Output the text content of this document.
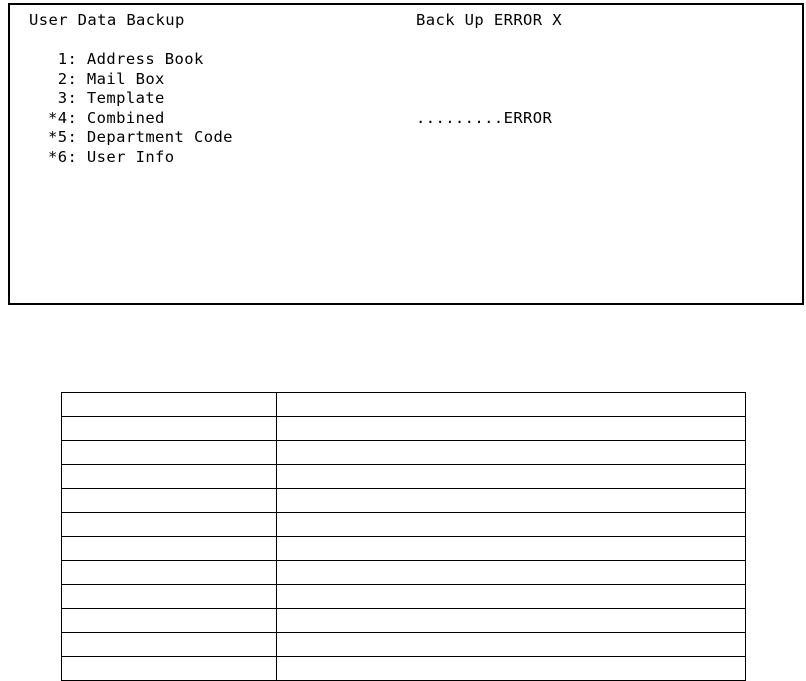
User Data Backup	Back Up ERROR X
1: Address Book
2: Mail Box
3: Template
*4: Combined
*5: Department Code
*6: User Info
.........ERROR
